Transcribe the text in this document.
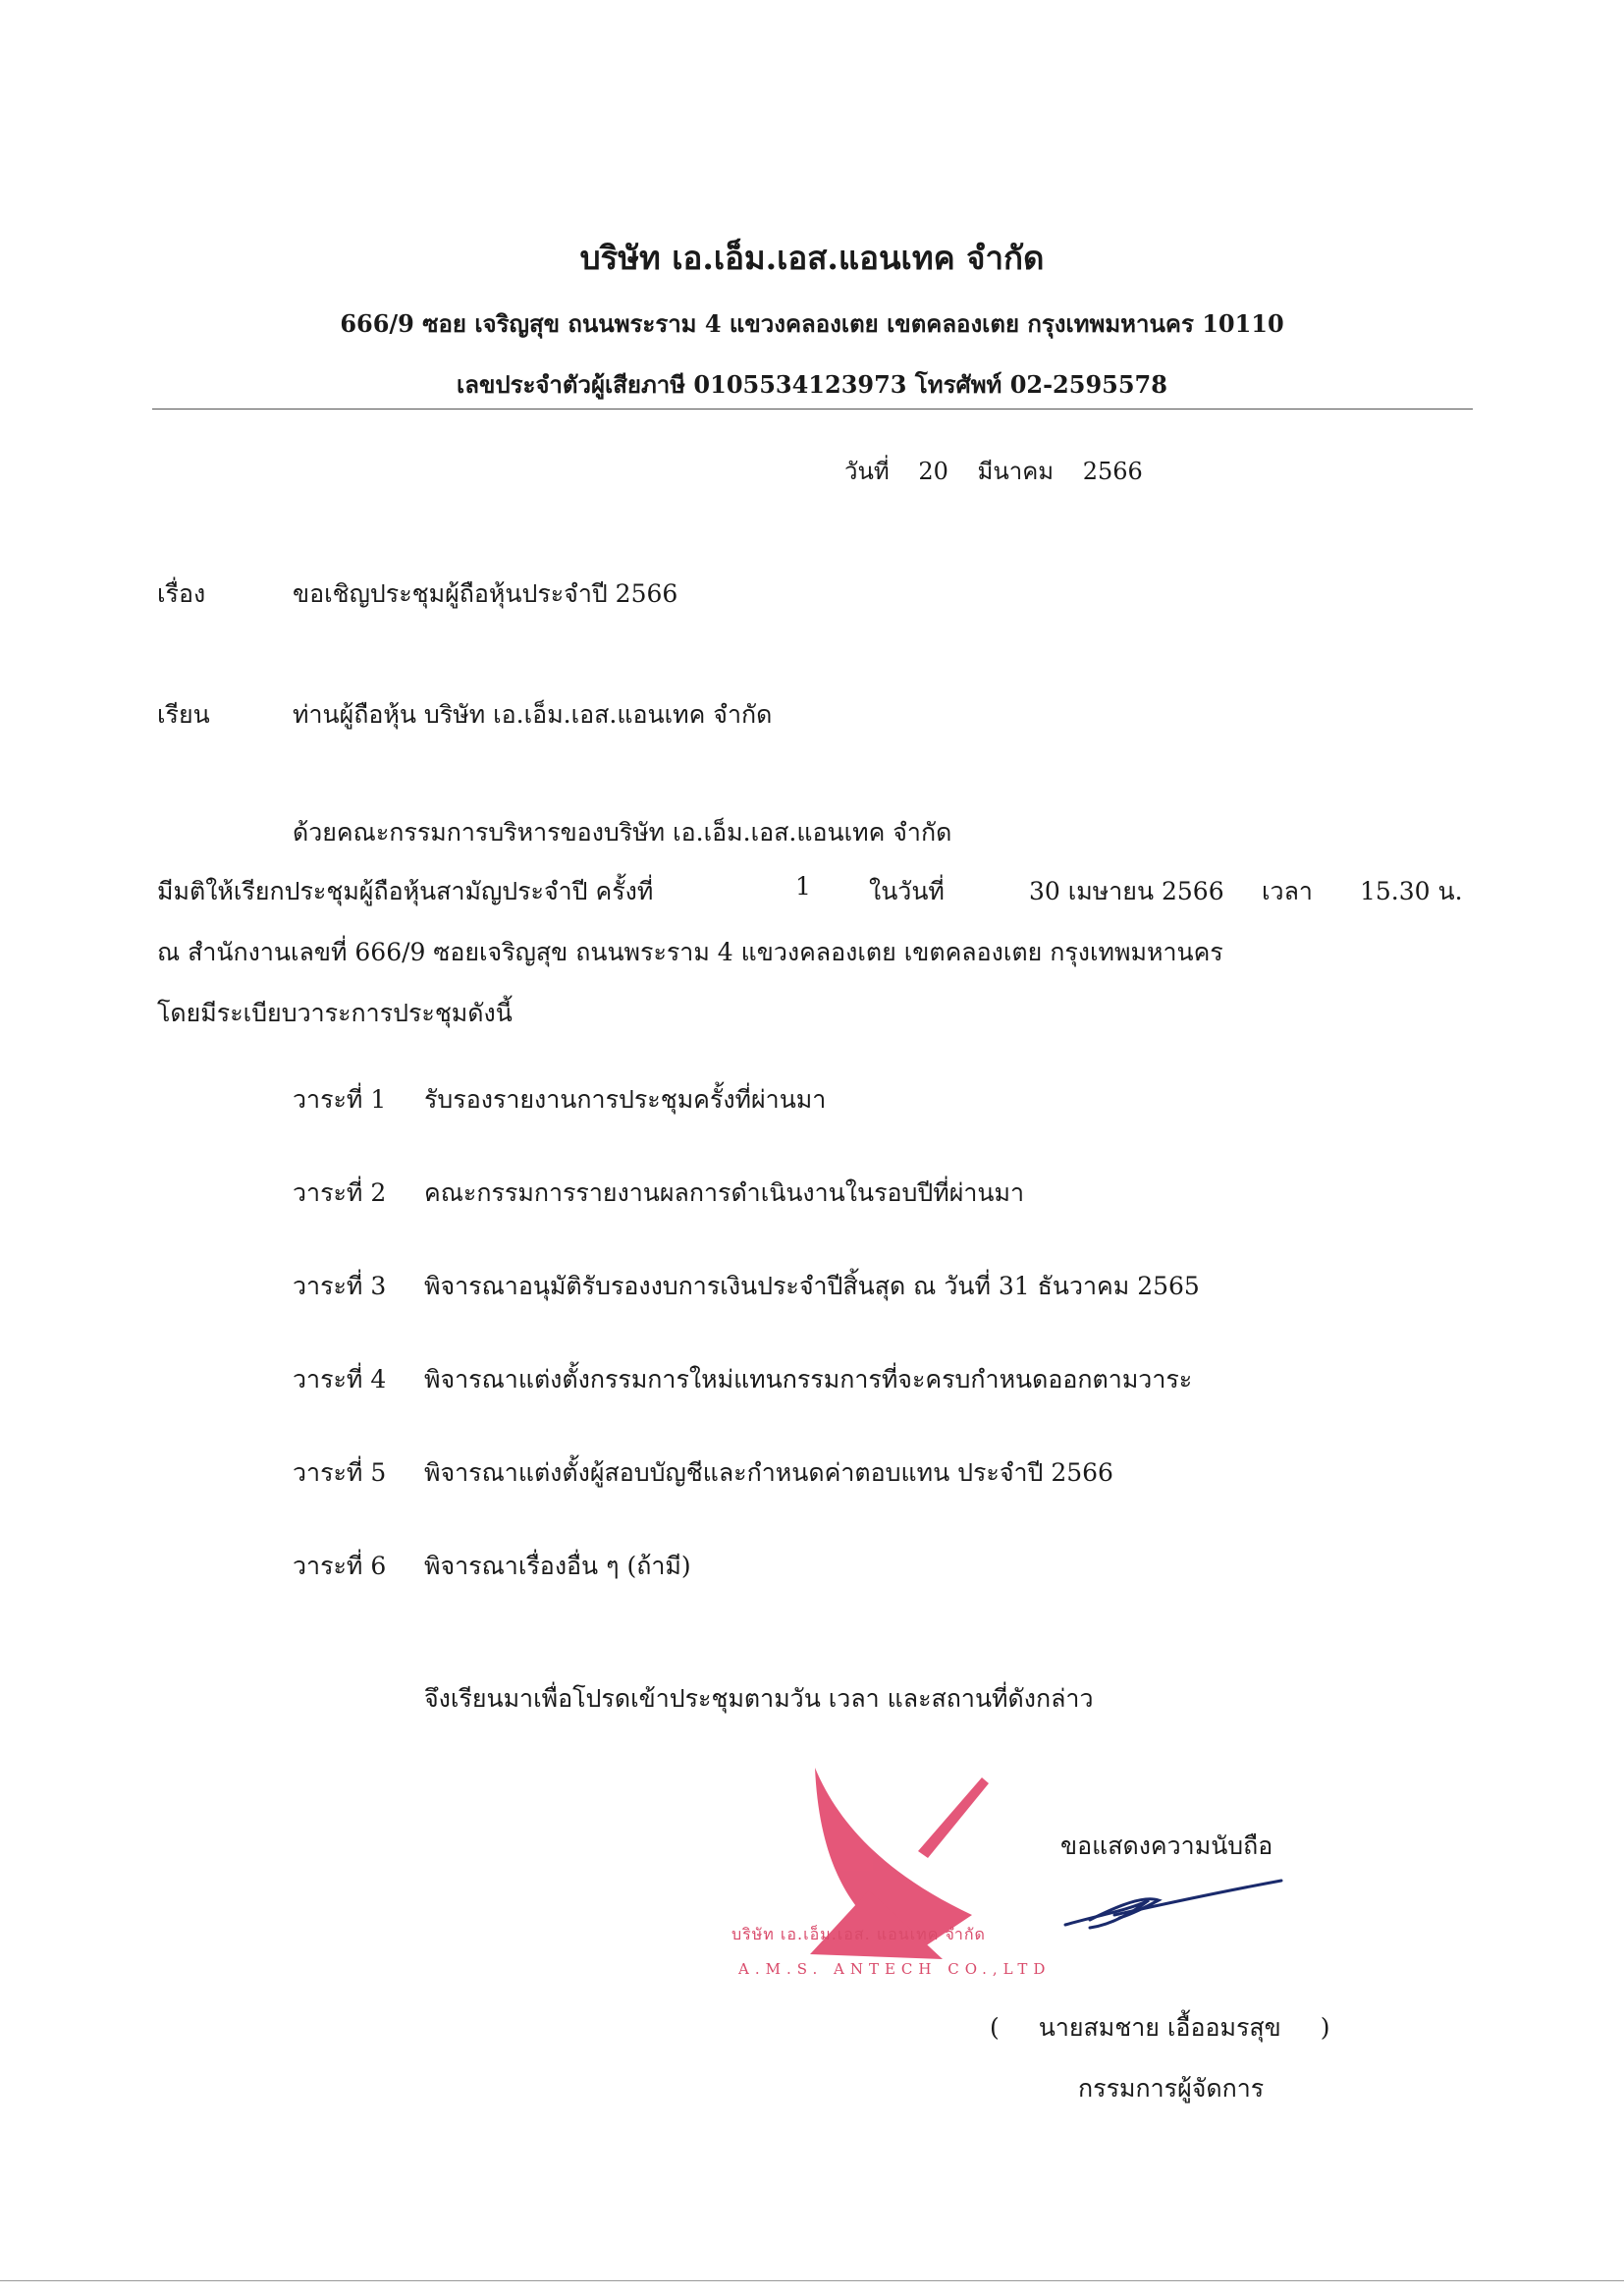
บริษัท เอ.เอ็ม.เอส.แอนเทค จำกัด
666/9 ซอย เจริญสุข ถนนพระราม 4 แขวงคลองเตย เขตคลองเตย กรุงเทพมหานคร 10110
เลขประจำตัวผู้เสียภาษี 0105534123973 โทรศัพท์ 02-2595578
วันที่ 20 มีนาคม 2566
เรื่อง	ขอเชิญประชุมผู้ถือหุ้นประจำปี 2566
เรียน	ท่านผู้ถือหุ้น บริษัท เอ.เอ็ม.เอส.แอนเทค จำกัด
ด้วยคณะกรรมการบริหารของบริษัท เอ.เอ็ม.เอส.แอนเทค จำกัด
มีมติให้เรียกประชุมผู้ถือหุ้นสามัญประจำปี ครั้งที่	1 ในวันที่	30 เมษายน 2566 เวลา 15.30 น.
ณ สำนักงานเลขที่ 666/9 ซอยเจริญสุข ถนนพระราม 4 แขวงคลองเตย เขตคลองเตย กรุงเทพมหานคร
โดยมีระเบียบวาระการประชุมดังนี้
วาระที่ 1 รับรองรายงานการประชุมครั้งที่ผ่านมา
วาระที่ 2 คณะกรรมการรายงานผลการดำเนินงานในรอบปีที่ผ่านมา
วาระที่ 3 พิจารณาอนุมัติรับรองงบการเงินประจำปีสิ้นสุด ณ วันที่ 31 ธันวาคม 2565
วาระที่ 4 พิจารณาแต่งตั้งกรรมการใหม่แทนกรรมการที่จะครบกำหนดออกตามวาระ
วาระที่ 5 พิจารณาแต่งตั้งผู้สอบบัญชีและกำหนดค่าตอบแทน ประจำปี 2566
วาระที่ 6 พิจารณาเรื่องอื่น ๆ (ถ้ามี)
จึงเรียนมาเพื่อโปรดเข้าประชุมตามวัน เวลา และสถานที่ดังกล่าว
บริษัท เอ.เอ็ม.เอส. แอนเทค จำกัด
A.M.S. ANTECH CO.,LTD
ขอแสดงความนับถือ
( นายสมชาย เอื้ออมรสุข )
กรรมการผู้จัดการ
